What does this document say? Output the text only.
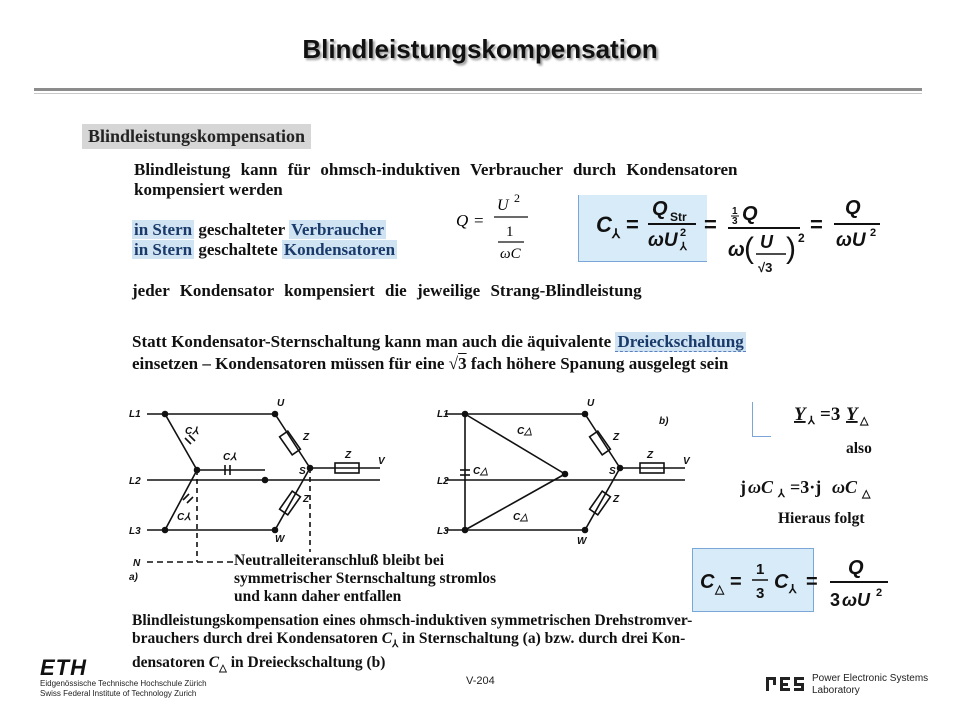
Blindleistungskompensation
Blindleistungskompensation
Blindleistung kann für ohmsch-induktiven Verbraucher durch Kondensatoren
kompensiert werden
in Stern geschalteter Verbraucher
in Stern geschaltete Kondensatoren
Q =
U 2
1
ωC
C ⅄ =
Q Str
ωU 2
⅄
=
1
3 Q
ω ( U
√3
) 2
=
Q
ωU 2
jeder Kondensator kompensiert die jeweilige Strang-Blindleistung
Statt Kondensator-Sternschaltung kann man auch die äquivalente Dreieckschaltung
einsetzen – Kondensatoren müssen für eine √3 fach höhere Spanung ausgelegt sein
L1
L2
L3
N
a)
U
V
W
S
Z
Z
Z
C⅄
C⅄
C⅄
L1
L2
L3
U
V
W
S
Z
Z
Z
C△
C△
C△
b)
Neutralleiteranschluß bleibt bei
symmetrischer Sternschaltung stromlos
und kann daher entfallen
Y ⅄ =3 Y △
also
j ωC ⅄ =3·j ωC △
Hieraus folgt
C △ =
1
3
C ⅄ =
Q
3 ωU 2
Blindleistungskompensation eines ohmsch-induktiven symmetrischen Drehstromver-
brauchers durch drei Kondensatoren $C_⅄$ in Sternschaltung (a) bzw. durch drei Kon-
densatoren $C_\triangle$ in Dreieckschaltung (b)
ETH
Eidgenössische Technische Hochschule Zürich
Swiss Federal Institute of Technology Zurich
V-204	Power Electronic Systems
Laboratory
